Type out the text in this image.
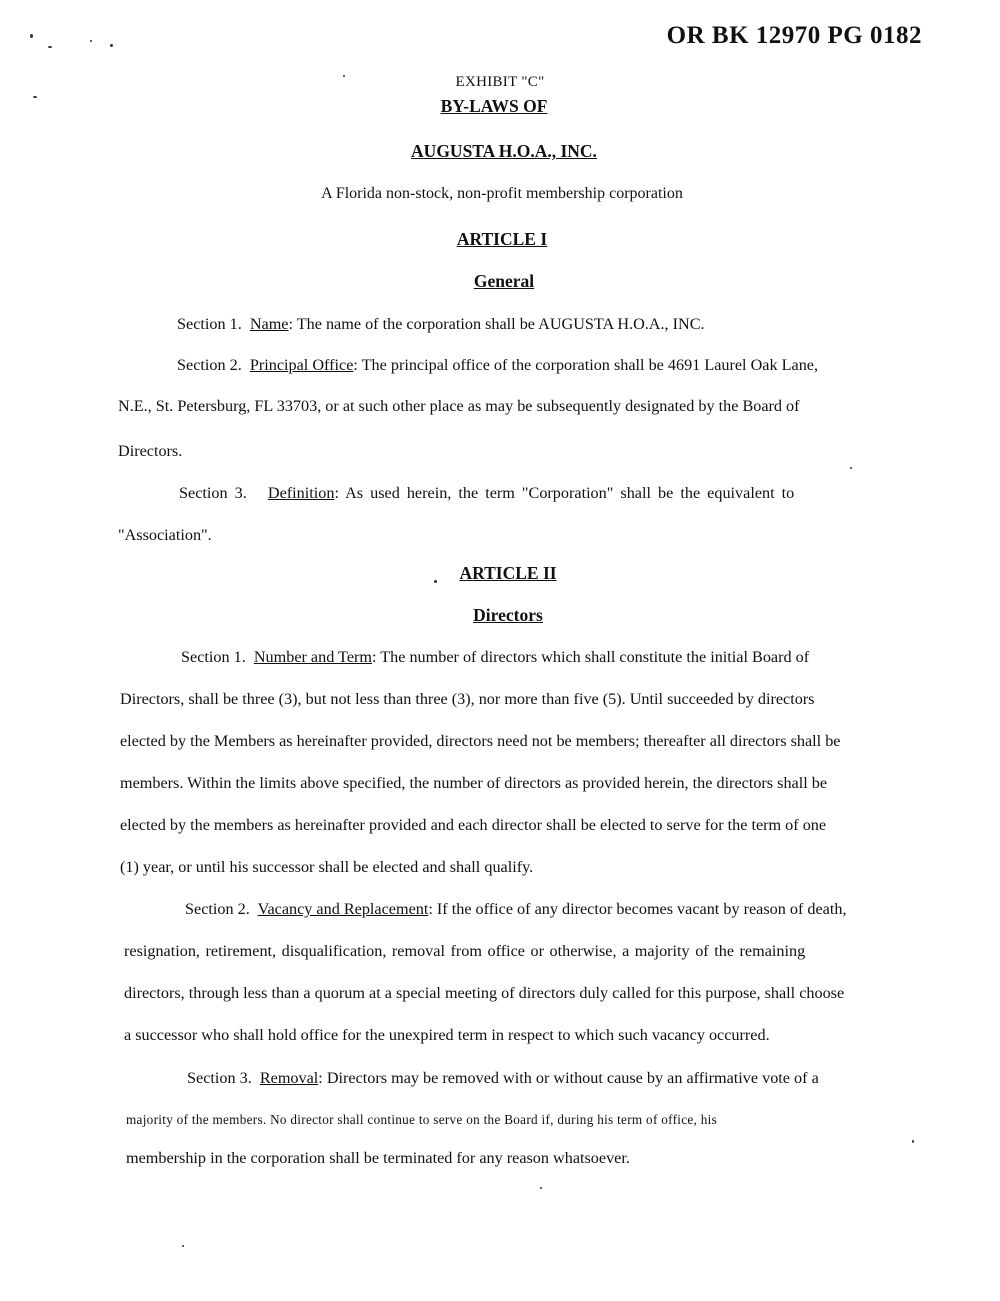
OR BK 12970 PG 0182
EXHIBIT "C"
BY-LAWS OF
AUGUSTA H.O.A., INC.
A Florida non-stock, non-profit membership corporation
ARTICLE I
General

Section 1. Name: The name of the corporation shall be AUGUSTA H.O.A., INC.

Section 2. Principal Office: The principal office of the corporation shall be 4691 Laurel Oak Lane,

N.E., St. Petersburg, FL 33703, or at such other place as may be subsequently designated by the Board of

Directors.

Section 3. Definition: As used herein, the term "Corporation" shall be the equivalent to

"Association".

ARTICLE II
Directors

Section 1. Number and Term: The number of directors which shall constitute the initial Board of

Directors, shall be three (3), but not less than three (3), nor more than five (5). Until succeeded by directors

elected by the Members as hereinafter provided, directors need not be members; thereafter all directors shall be

members. Within the limits above specified, the number of directors as provided herein, the directors shall be

elected by the members as hereinafter provided and each director shall be elected to serve for the term of one

(1) year, or until his successor shall be elected and shall qualify.

Section 2. Vacancy and Replacement: If the office of any director becomes vacant by reason of death,

resignation, retirement, disqualification, removal from office or otherwise, a majority of the remaining

directors, through less than a quorum at a special meeting of directors duly called for this purpose, shall choose

a successor who shall hold office for the unexpired term in respect to which such vacancy occurred.

Section 3. Removal: Directors may be removed with or without cause by an affirmative vote of a

majority of the members. No director shall continue to serve on the Board if, during his term of office, his

membership in the corporation shall be terminated for any reason whatsoever.
